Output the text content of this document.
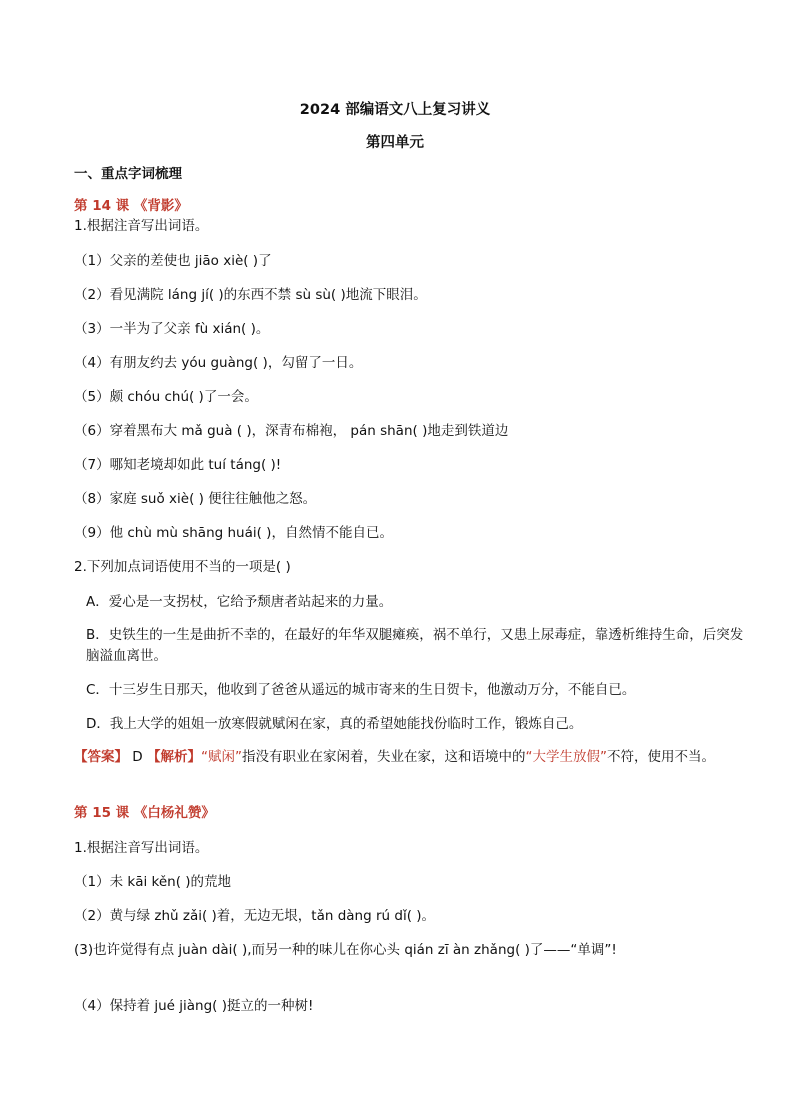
2024 部编语文八上复习讲义
第四单元
一、重点字词梳理
第 14 课 《背影》
1.根据注音写出词语。
（1）父亲的差使也 jiāo xiè( )了
（2）看见满院 láng jí( )的东西不禁 sù sù( )地流下眼泪。
（3）一半为了父亲 fù xián( )。
（4）有朋友约去 yóu guàng( )，勾留了一日。
（5）颇 chóu chú( )了一会。
（6）穿着黑布大 mǎ guà ( )，深青布棉袍， pán shān( )地走到铁道边
（7）哪知老境却如此 tuí táng( )!
（8）家庭 suǒ xiè( ) 便往往触他之怒。
（9）他 chù mù shāng huái( )，自然情不能自已。
2.下列加点词语使用不当的一项是( )
A．爱心是一支拐杖，它给予颓唐者站起来的力量。
B．史铁生的一生是曲折不幸的，在最好的年华双腿瘫痪，祸不单行，又患上尿毒症，靠透析维持生命，后突发脑溢血离世。
C．十三岁生日那天，他收到了爸爸从遥远的城市寄来的生日贺卡，他激动万分，不能自已。
D．我上大学的姐姐一放寒假就赋闲在家，真的希望她能找份临时工作，锻炼自己。
【答案】 D 【解析】“赋闲”指没有职业在家闲着，失业在家，这和语境中的“大学生放假”不符，使用不当。
第 15 课 《白杨礼赞》
1.根据注音写出词语。
（1）未 kāi kěn( )的荒地
（2）黄与绿 zhǔ zǎi( )着，无边无垠，tǎn dàng rú dǐ( )。
(3)也许觉得有点 juàn dài( ),而另一种的味儿在你心头 qián zī àn zhǎng( )了——“单调”!
（4）保持着 jué jiàng( )挺立的一种树!
